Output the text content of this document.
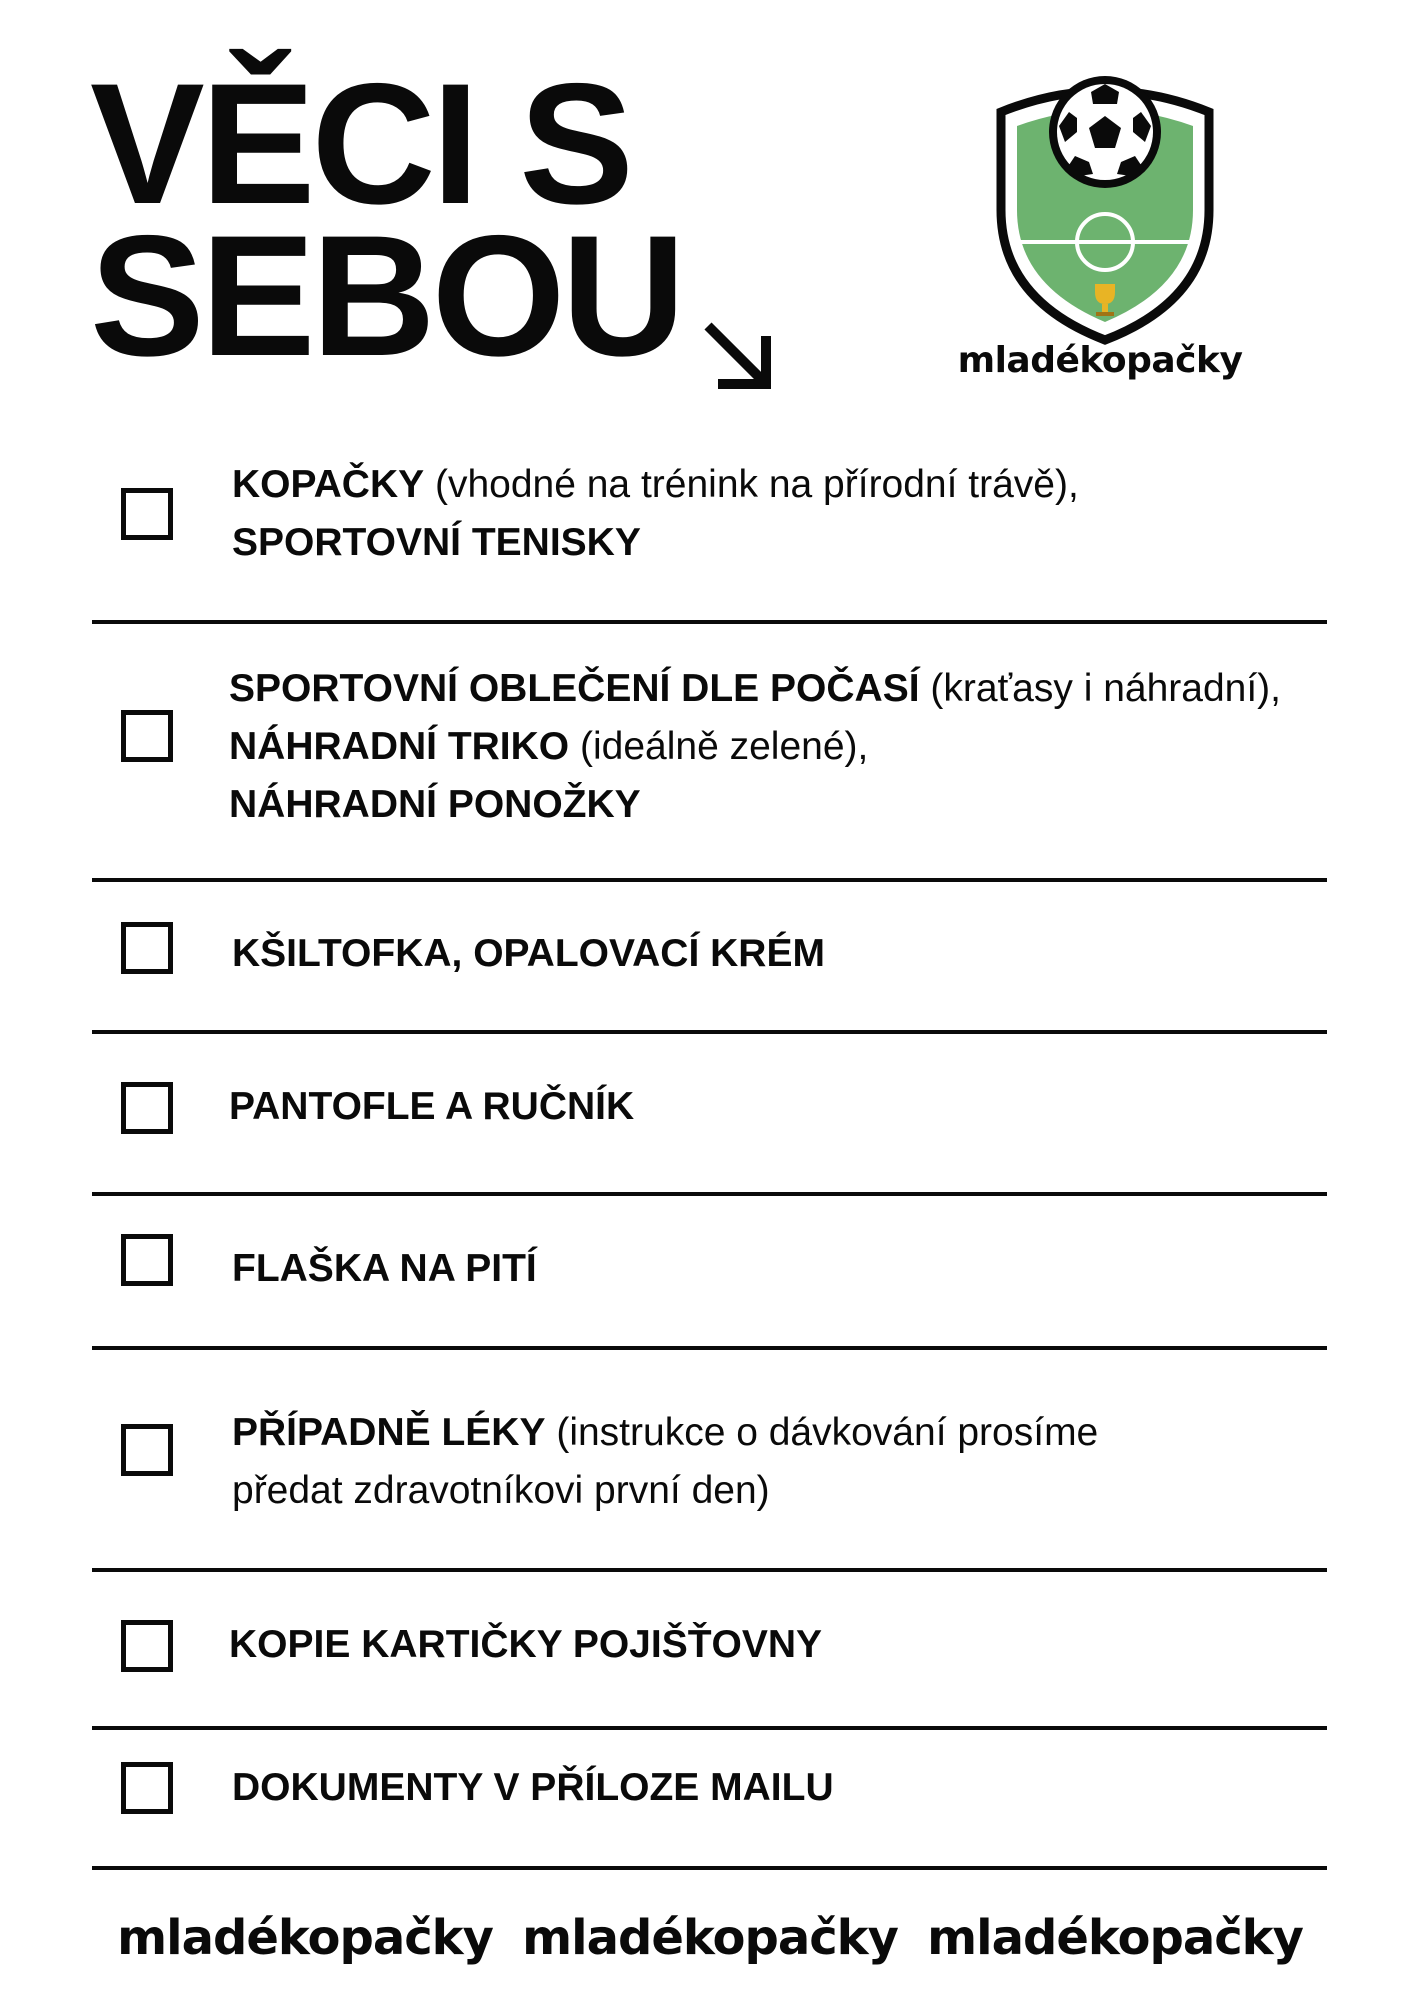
VĚCI S
SEBOU	mladékopačky
KOPAČKY (vhodné na trénink na přírodní trávě),
SPORTOVNÍ TENISKY
SPORTOVNÍ OBLEČENÍ DLE POČASÍ (kraťasy i náhradní),
NÁHRADNÍ TRIKO (ideálně zelené),
NÁHRADNÍ PONOŽKY
KŠILTOFKA, OPALOVACÍ KRÉM
PANTOFLE A RUČNÍK
FLAŠKA NA PITÍ
PŘÍPADNĚ LÉKY (instrukce o dávkování prosíme
předat zdravotníkovi první den)
KOPIE KARTIČKY POJIŠŤOVNY
DOKUMENTY V PŘÍLOZE MAILU
mladékopačky mladékopačky mladékopačky
